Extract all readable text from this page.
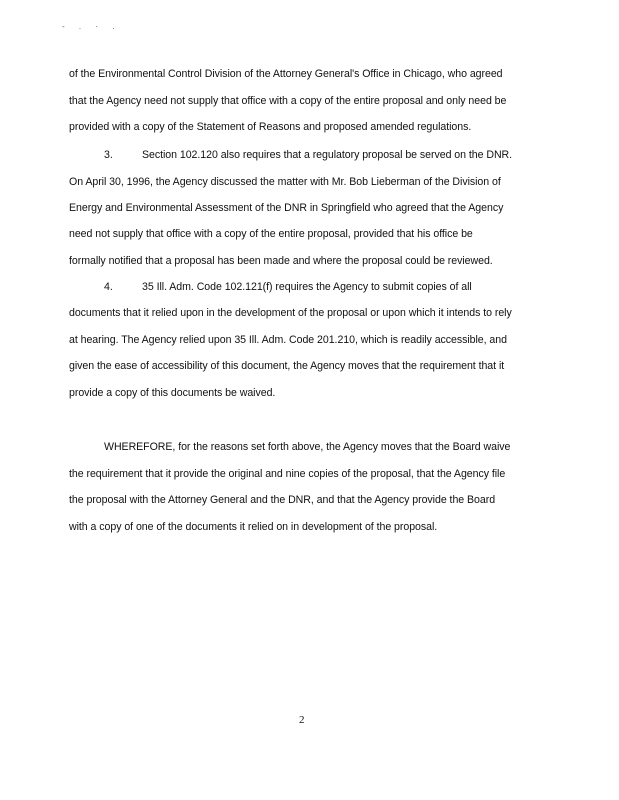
- . · .
of the Environmental Control Division of the Attorney General's Office in Chicago, who agreed
that the Agency need not supply that office with a copy of the entire proposal and only need be
provided with a copy of the Statement of Reasons and proposed amended regulations.
3.	Section 102.120 also requires that a regulatory proposal be served on the DNR.
On April 30, 1996, the Agency discussed the matter with Mr. Bob Lieberman of the Division of
Energy and Environmental Assessment of the DNR in Springfield who agreed that the Agency
need not supply that office with a copy of the entire proposal, provided that his office be
formally notified that a proposal has been made and where the proposal could be reviewed.
4.	35 Ill. Adm. Code 102.121(f) requires the Agency to submit copies of all
documents that it relied upon in the development of the proposal or upon which it intends to rely
at hearing. The Agency relied upon 35 Ill. Adm. Code 201.210, which is readily accessible, and
given the ease of accessibility of this document, the Agency moves that the requirement that it
provide a copy of this documents be waived.
WHEREFORE, for the reasons set forth above, the Agency moves that the Board waive
the requirement that it provide the original and nine copies of the proposal, that the Agency file
the proposal with the Attorney General and the DNR, and that the Agency provide the Board
with a copy of one of the documents it relied on in development of the proposal.
2
